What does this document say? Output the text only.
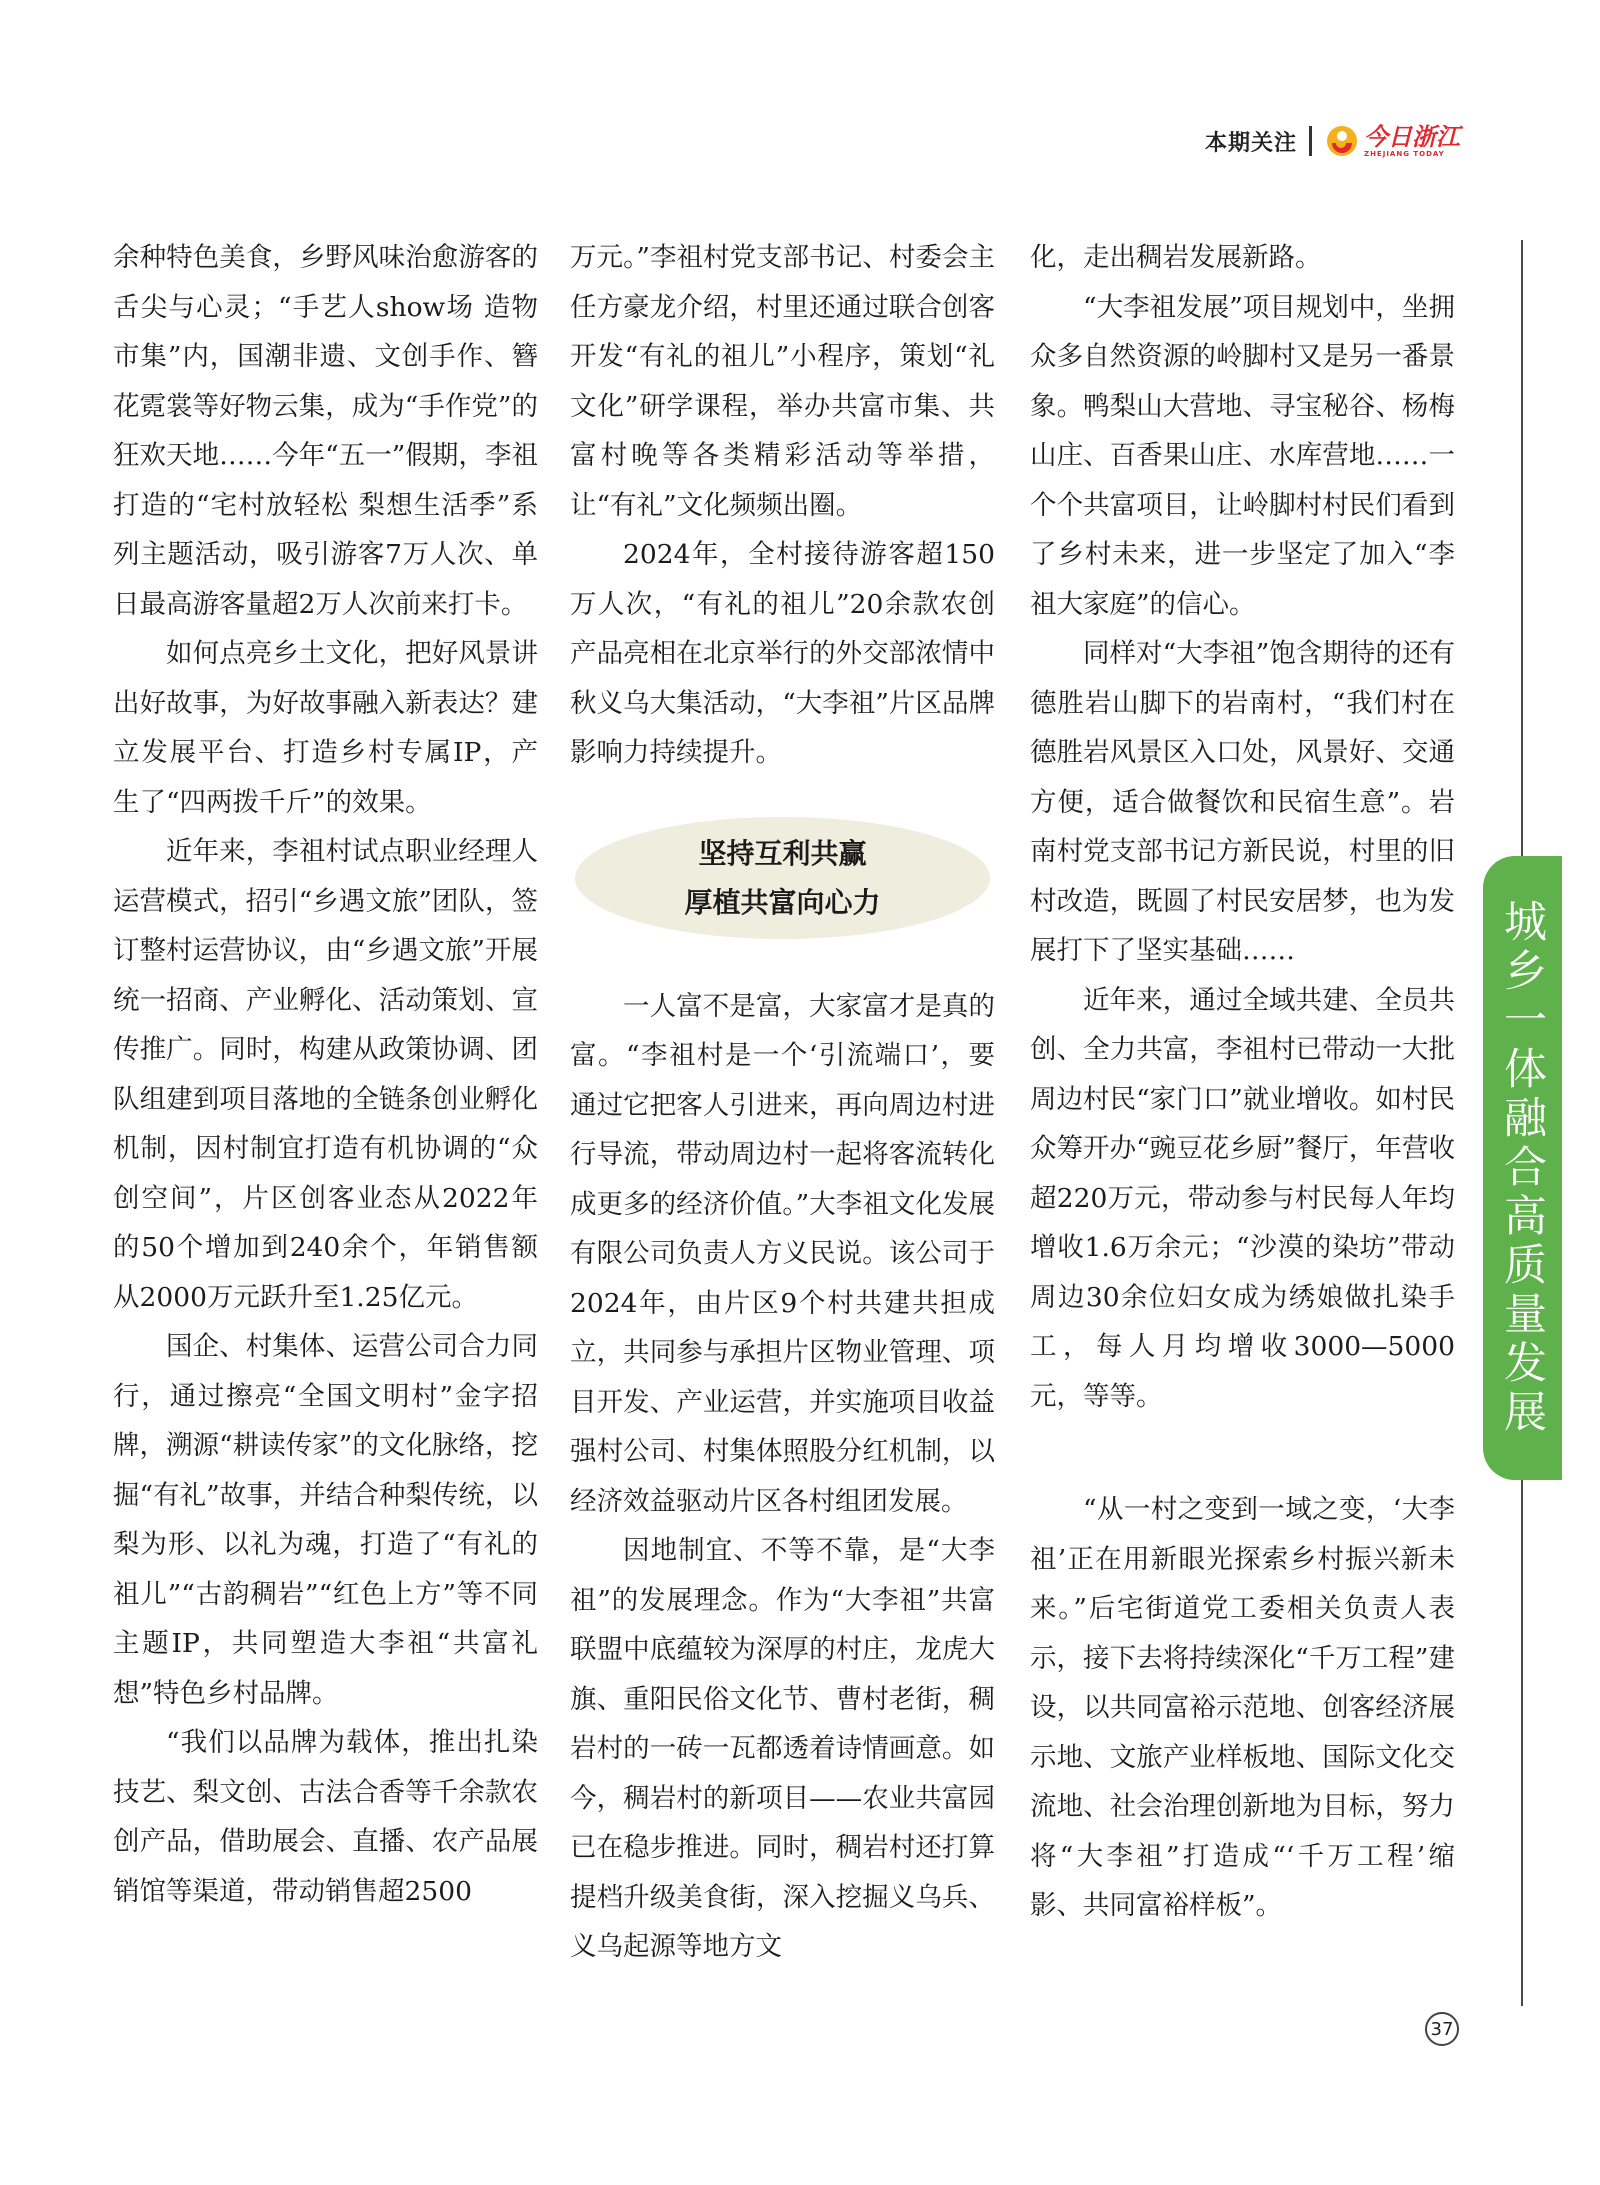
本期关注	今日浙江
ZHEJIANG TODAY

余种特色美食，乡野风味治愈游客的舌尖与心灵；“手艺人show场 造物市集”内，国潮非遗、文创手作、簪花霓裳等好物云集，成为“手作党”的狂欢天地……今年“五一”假期，李祖打造的“宅村放轻松 梨想生活季”系列主题活动，吸引游客7万人次、单日最高游客量超2万人次前来打卡。

如何点亮乡土文化，把好风景讲出好故事，为好故事融入新表达？建立发展平台、打造乡村专属IP，产生了“四两拨千斤”的效果。

近年来，李祖村试点职业经理人运营模式，招引“乡遇文旅”团队，签订整村运营协议，由“乡遇文旅”开展统一招商、产业孵化、活动策划、宣传推广。同时，构建从政策协调、团队组建到项目落地的全链条创业孵化机制，因村制宜打造有机协调的“众创空间”，片区创客业态从2022年的50个增加到240余个，年销售额从2000万元跃升至1.25亿元。

国企、村集体、运营公司合力同行，通过擦亮“全国文明村”金字招牌，溯源“耕读传家”的文化脉络，挖掘“有礼”故事，并结合种梨传统，以梨为形、以礼为魂，打造了“有礼的祖儿”“古韵稠岩”“红色上方”等不同主题IP，共同塑造大李祖“共富礼想”特色乡村品牌。

“我们以品牌为载体，推出扎染技艺、梨文创、古法合香等千余款农创产品，借助展会、直播、农产品展销馆等渠道，带动销售超2500

万元。”李祖村党支部书记、村委会主任方豪龙介绍，村里还通过联合创客开发“有礼的祖儿”小程序，策划“礼文化”研学课程，举办共富市集、共富村晚等各类精彩活动等举措，让“有礼”文化频频出圈。

2024年，全村接待游客超150万人次，“有礼的祖儿”20余款农创产品亮相在北京举行的外交部浓情中秋义乌大集活动，“大李祖”片区品牌影响力持续提升。

坚持互利共赢
厚植共富向心力

一人富不是富，大家富才是真的富。“李祖村是一个‘引流端口’，要通过它把客人引进来，再向周边村进行导流，带动周边村一起将客流转化成更多的经济价值。”大李祖文化发展有限公司负责人方义民说。该公司于2024年，由片区9个村共建共担成立，共同参与承担片区物业管理、项目开发、产业运营，并实施项目收益强村公司、村集体照股分红机制，以经济效益驱动片区各村组团发展。

因地制宜、不等不靠，是“大李祖”的发展理念。作为“大李祖”共富联盟中底蕴较为深厚的村庄，龙虎大旗、重阳民俗文化节、曹村老街，稠岩村的一砖一瓦都透着诗情画意。如今，稠岩村的新项目——农业共富园已在稳步推进。同时，稠岩村还打算提档升级美食街，深入挖掘义乌兵、义乌起源等地方文

化，走出稠岩发展新路。

“大李祖发展”项目规划中，坐拥众多自然资源的岭脚村又是另一番景象。鸭梨山大营地、寻宝秘谷、杨梅山庄、百香果山庄、水库营地……一个个共富项目，让岭脚村村民们看到了乡村未来，进一步坚定了加入“李祖大家庭”的信心。

同样对“大李祖”饱含期待的还有德胜岩山脚下的岩南村，“我们村在德胜岩风景区入口处，风景好、交通方便，适合做餐饮和民宿生意”。岩南村党支部书记方新民说，村里的旧村改造，既圆了村民安居梦，也为发展打下了坚实基础……

近年来，通过全域共建、全员共创、全力共富，李祖村已带动一大批周边村民“家门口”就业增收。如村民众筹开办“豌豆花乡厨”餐厅，年营收超220万元，带动参与村民每人年均增收1.6万余元；“沙漠的染坊”带动周边30余位妇女成为绣娘做扎染手工，每人月均增收3000—5000元，等等。

“从一村之变到一域之变，‘大李祖’正在用新眼光探索乡村振兴新未来。”后宅街道党工委相关负责人表示，接下去将持续深化“千万工程”建设，以共同富裕示范地、创客经济展示地、文旅产业样板地、国际文化交流地、社会治理创新地为目标，努力将“大李祖”打造成“‘千万工程’缩影、共同富裕样板”。

城乡一体融合高质量发展
37
